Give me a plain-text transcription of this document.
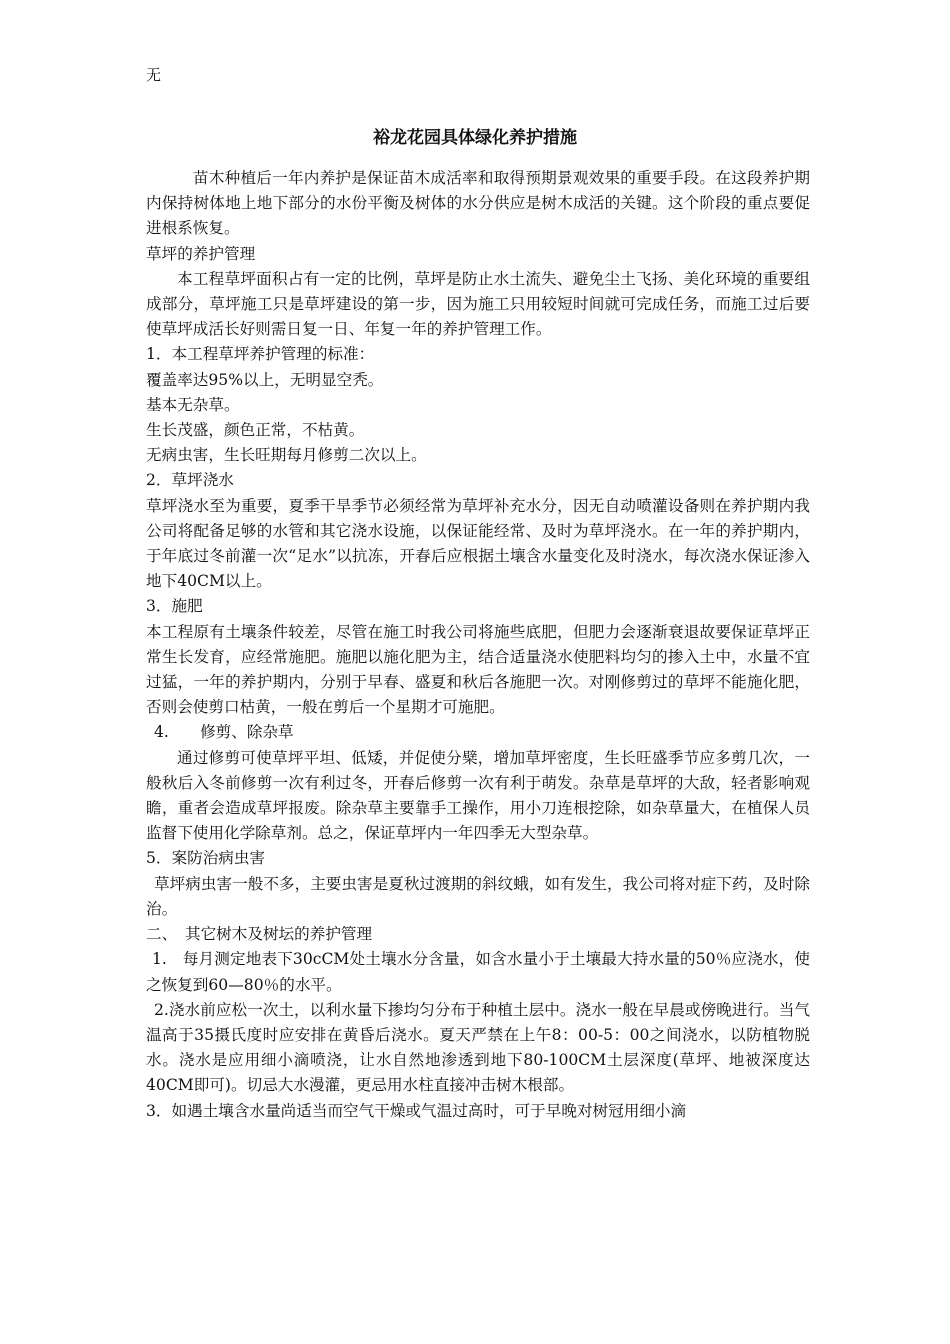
无
裕龙花园具体绿化养护措施

苗木种植后一年内养护是保证苗木成活率和取得预期景观效果的重要手段。在这段养护期内保持树体地上地下部分的水份平衡及树体的水分供应是树木成活的关键。这个阶段的重点要促进根系恢复。

草坪的养护管理

本工程草坪面积占有一定的比例，草坪是防止水土流失、避免尘土飞扬、美化环境的重要组成部分，草坪施工只是草坪建设的第一步，因为施工只用较短时间就可完成任务，而施工过后要使草坪成活长好则需日复一日、年复一年的养护管理工作。

1．本工程草坪养护管理的标准：

覆盖率达95%以上，无明显空秃。

基本无杂草。

生长茂盛，颜色正常，不枯黄。

无病虫害，生长旺期每月修剪二次以上。

2．草坪浇水

草坪浇水至为重要，夏季干旱季节必须经常为草坪补充水分，因无自动喷灌设备则在养护期内我公司将配备足够的水管和其它浇水设施，以保证能经常、及时为草坪浇水。在一年的养护期内，于年底过冬前灌一次“足水”以抗冻，开春后应根据土壤含水量变化及时浇水，每次浇水保证渗入地下40CM以上。

3．施肥

本工程原有土壤条件较差，尽管在施工时我公司将施些底肥，但肥力会逐渐衰退故要保证草坪正常生长发育，应经常施肥。施肥以施化肥为主，结合适量浇水使肥料均匀的掺入土中，水量不宜过猛，一年的养护期内，分别于早春、盛夏和秋后各施肥一次。对刚修剪过的草坪不能施化肥，否则会使剪口枯黄，一般在剪后一个星期才可施肥。

4.　　修剪、除杂草

通过修剪可使草坪平坦、低矮，并促使分檗，增加草坪密度，生长旺盛季节应多剪几次，一般秋后入冬前修剪一次有利过冬，开春后修剪一次有利于萌发。杂草是草坪的大敌，轻者影响观瞻，重者会造成草坪报废。除杂草主要靠手工操作，用小刀连根挖除，如杂草量大，在植保人员监督下使用化学除草剂。总之，保证草坪内一年四季无大型杂草。

5．案防治病虫害

草坪病虫害一般不多，主要虫害是夏秋过渡期的斜纹蛾，如有发生，我公司将对症下药，及时除治。

二、　其它树木及树坛的养护管理

1.　每月测定地表下30cCM处土壤水分含量，如含水量小于土壤最大持水量的50％应浇水，使之恢复到60—80％的水平。

2.浇水前应松一次土，以利水量下掺均匀分布于种植土层中。浇水一般在早晨或傍晚进行。当气温高于35摄氏度时应安排在黄昏后浇水。夏天严禁在上午8：00-5：00之间浇水，以防植物脱水。浇水是应用细小滴喷浇，让水自然地渗透到地下80-100CM土层深度(草坪、地被深度达40CM即可)。切忌大水漫灌，更忌用水柱直接冲击树木根部。

3．如遇土壤含水量尚适当而空气干燥或气温过高时，可于早晚对树冠用细小滴
